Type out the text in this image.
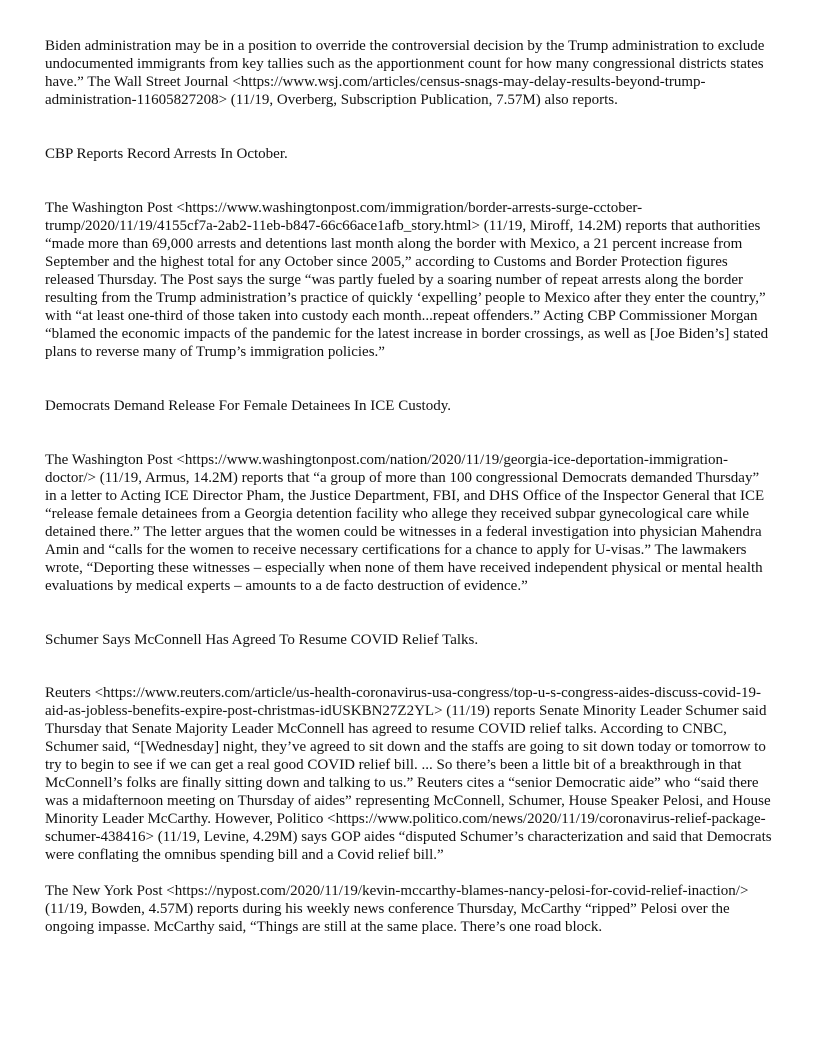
Biden administration may be in a position to override the controversial decision by the Trump administration to exclude undocumented immigrants from key tallies such as the apportionment count for how many congressional districts states have.” The Wall Street Journal <https://www.wsj.com/articles/census-snags-may-delay-results-beyond-trump-administration-11605827208> (11/19, Overberg, Subscription Publication, 7.57M) also reports.

CBP Reports Record Arrests In October.

The Washington Post <https://www.washingtonpost.com/immigration/border-arrests-surge-cctober-trump/2020/11/19/4155cf7a-2ab2-11eb-b847-66c66ace1afb_story.html> (11/19, Miroff, 14.2M) reports that authorities “made more than 69,000 arrests and detentions last month along the border with Mexico, a 21 percent increase from September and the highest total for any October since 2005,” according to Customs and Border Protection figures released Thursday. The Post says the surge “was partly fueled by a soaring number of repeat arrests along the border resulting from the Trump administration’s practice of quickly ‘expelling’ people to Mexico after they enter the country,” with “at least one-third of those taken into custody each month...repeat offenders.” Acting CBP Commissioner Morgan “blamed the economic impacts of the pandemic for the latest increase in border crossings, as well as [Joe Biden’s] stated plans to reverse many of Trump’s immigration policies.”

Democrats Demand Release For Female Detainees In ICE Custody.

The Washington Post <https://www.washingtonpost.com/nation/2020/11/19/georgia-ice-deportation-immigration-doctor/> (11/19, Armus, 14.2M) reports that “a group of more than 100 congressional Democrats demanded Thursday” in a letter to Acting ICE Director Pham, the Justice Department, FBI, and DHS Office of the Inspector General that ICE “release female detainees from a Georgia detention facility who allege they received subpar gynecological care while detained there.” The letter argues that the women could be witnesses in a federal investigation into physician Mahendra Amin and “calls for the women to receive necessary certifications for a chance to apply for U-visas.” The lawmakers wrote, “Deporting these witnesses – especially when none of them have received independent physical or mental health evaluations by medical experts – amounts to a de facto destruction of evidence.”

Schumer Says McConnell Has Agreed To Resume COVID Relief Talks.

Reuters <https://www.reuters.com/article/us-health-coronavirus-usa-congress/top-u-s-congress-aides-discuss-covid-19-aid-as-jobless-benefits-expire-post-christmas-idUSKBN27Z2YL> (11/19) reports Senate Minority Leader Schumer said Thursday that Senate Majority Leader McConnell has agreed to resume COVID relief talks. According to CNBC, Schumer said, “[Wednesday] night, they’ve agreed to sit down and the staffs are going to sit down today or tomorrow to try to begin to see if we can get a real good COVID relief bill. ... So there’s been a little bit of a breakthrough in that McConnell’s folks are finally sitting down and talking to us.” Reuters cites a “senior Democratic aide” who “said there was a midafternoon meeting on Thursday of aides” representing McConnell, Schumer, House Speaker Pelosi, and House Minority Leader McCarthy. However, Politico <https://www.politico.com/news/2020/11/19/coronavirus-relief-package-schumer-438416> (11/19, Levine, 4.29M) says GOP aides “disputed Schumer’s characterization and said that Democrats were conflating the omnibus spending bill and a Covid relief bill.”

The New York Post <https://nypost.com/2020/11/19/kevin-mccarthy-blames-nancy-pelosi-for-covid-relief-inaction/> (11/19, Bowden, 4.57M) reports during his weekly news conference Thursday, McCarthy “ripped” Pelosi over the ongoing impasse. McCarthy said, “Things are still at the same place. There’s one road block.
